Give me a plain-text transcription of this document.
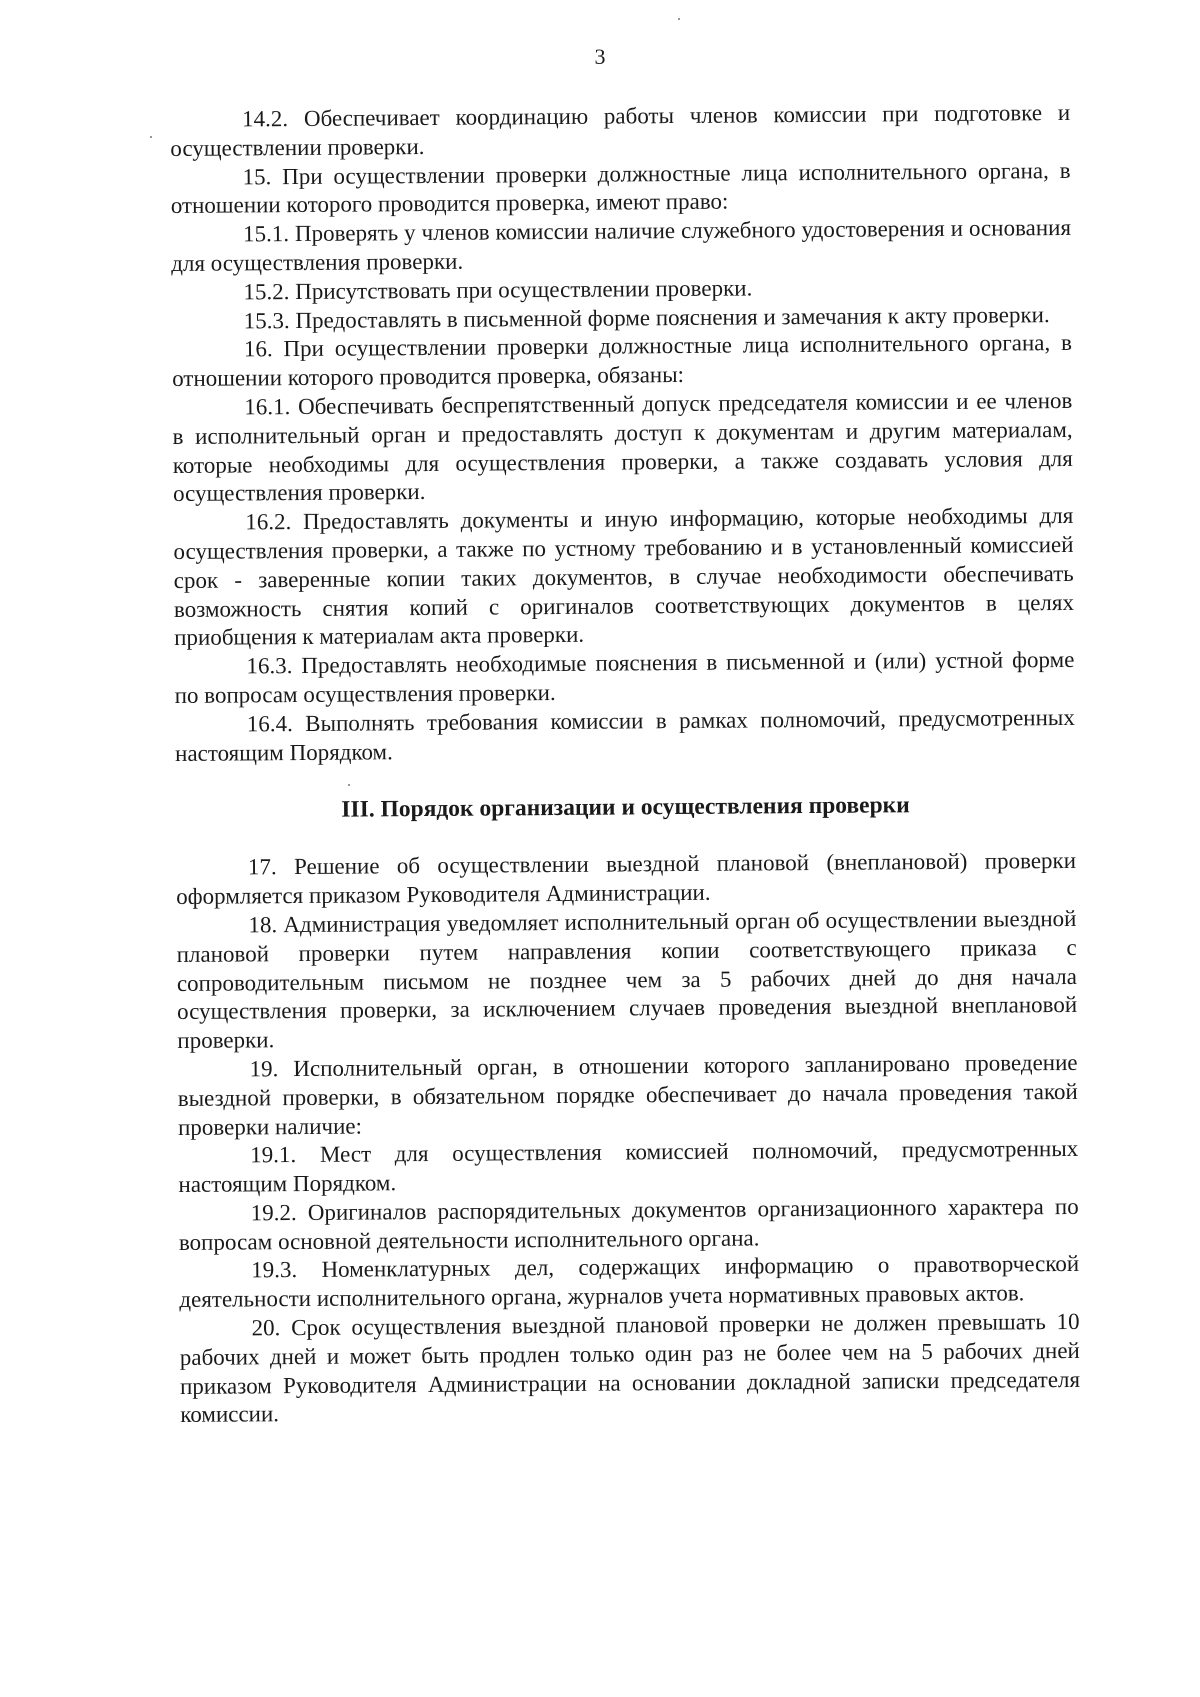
3

14.2. Обеспечивает координацию работы членов комиссии при подготовке и осуществлении проверки.

15. При осуществлении проверки должностные лица исполнительного органа, в отношении которого проводится проверка, имеют право:

15.1. Проверять у членов комиссии наличие служебного удостоверения и основания для осуществления проверки.

15.2. Присутствовать при осуществлении проверки.

15.3. Предоставлять в письменной форме пояснения и замечания к акту проверки.

16. При осуществлении проверки должностные лица исполнительного органа, в отношении которого проводится проверка, обязаны:

16.1. Обеспечивать беспрепятственный допуск председателя комиссии и ее членов в исполнительный орган и предоставлять доступ к документам и другим материалам, которые необходимы для осуществления проверки, а также создавать условия для осуществления проверки.

16.2. Предоставлять документы и иную информацию, которые необходимы для осуществления проверки, а также по устному требованию и в установленный комиссией срок - заверенные копии таких документов, в случае необходимости обеспечивать возможность снятия копий с оригиналов соответствующих документов в целях приобщения к материалам акта проверки.

16.3. Предоставлять необходимые пояснения в письменной и (или) устной форме по вопросам осуществления проверки.

16.4. Выполнять требования комиссии в рамках полномочий, предусмотренных настоящим Порядком.

III. Порядок организации и осуществления проверки

17. Решение об осуществлении выездной плановой (внеплановой) проверки оформляется приказом Руководителя Администрации.

18. Администрация уведомляет исполнительный орган об осуществлении выездной плановой проверки путем направления копии соответствующего приказа с сопроводительным письмом не позднее чем за 5 рабочих дней до дня начала осуществления проверки, за исключением случаев проведения выездной внеплановой проверки.

19. Исполнительный орган, в отношении которого запланировано проведение выездной проверки, в обязательном порядке обеспечивает до начала проведения такой проверки наличие:

19.1. Мест для осуществления комиссией полномочий, предусмотренных настоящим Порядком.

19.2. Оригиналов распорядительных документов организационного характера по вопросам основной деятельности исполнительного органа.

19.3. Номенклатурных дел, содержащих информацию о правотворческой деятельности исполнительного органа, журналов учета нормативных правовых актов.

20. Срок осуществления выездной плановой проверки не должен превышать 10 рабочих дней и может быть продлен только один раз не более чем на 5 рабочих дней приказом Руководителя Администрации на основании докладной записки председателя комиссии.
